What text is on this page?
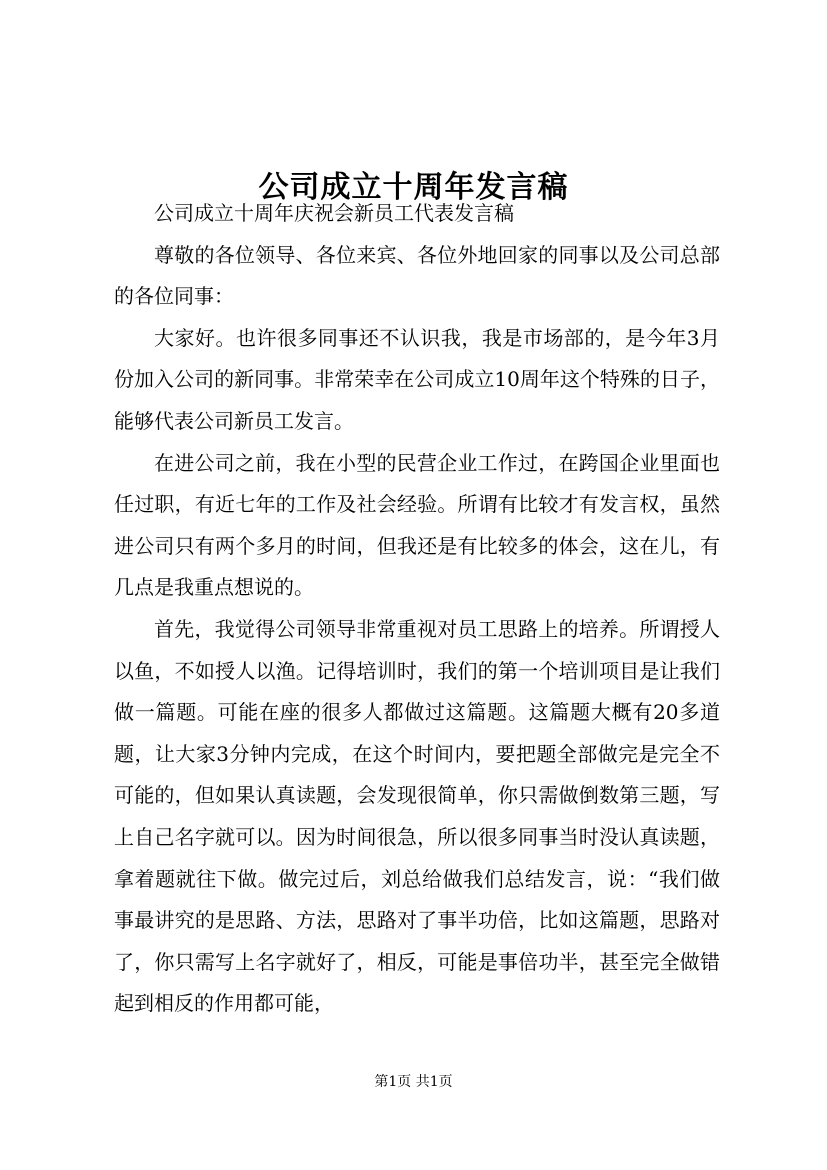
公司成立十周年发言稿

公司成立十周年庆祝会新员工代表发言稿

尊敬的各位领导、各位来宾、各位外地回家的同事以及公司总部的各位同事：

大家好。也许很多同事还不认识我，我是市场部的，是今年3月份加入公司的新同事。非常荣幸在公司成立10周年这个特殊的日子，能够代表公司新员工发言。

在进公司之前，我在小型的民营企业工作过，在跨国企业里面也任过职，有近七年的工作及社会经验。所谓有比较才有发言权，虽然进公司只有两个多月的时间，但我还是有比较多的体会，这在儿，有几点是我重点想说的。

首先，我觉得公司领导非常重视对员工思路上的培养。所谓授人以鱼，不如授人以渔。记得培训时，我们的第一个培训项目是让我们做一篇题。可能在座的很多人都做过这篇题。这篇题大概有20多道题，让大家3分钟内完成，在这个时间内，要把题全部做完是完全不可能的，但如果认真读题，会发现很简单，你只需做倒数第三题，写上自己名字就可以。因为时间很急，所以很多同事当时没认真读题，拿着题就往下做。做完过后，刘总给做我们总结发言，说：“我们做事最讲究的是思路、方法，思路对了事半功倍，比如这篇题，思路对了，你只需写上名字就好了，相反，可能是事倍功半，甚至完全做错起到相反的作用都可能，

第1页 共1页
